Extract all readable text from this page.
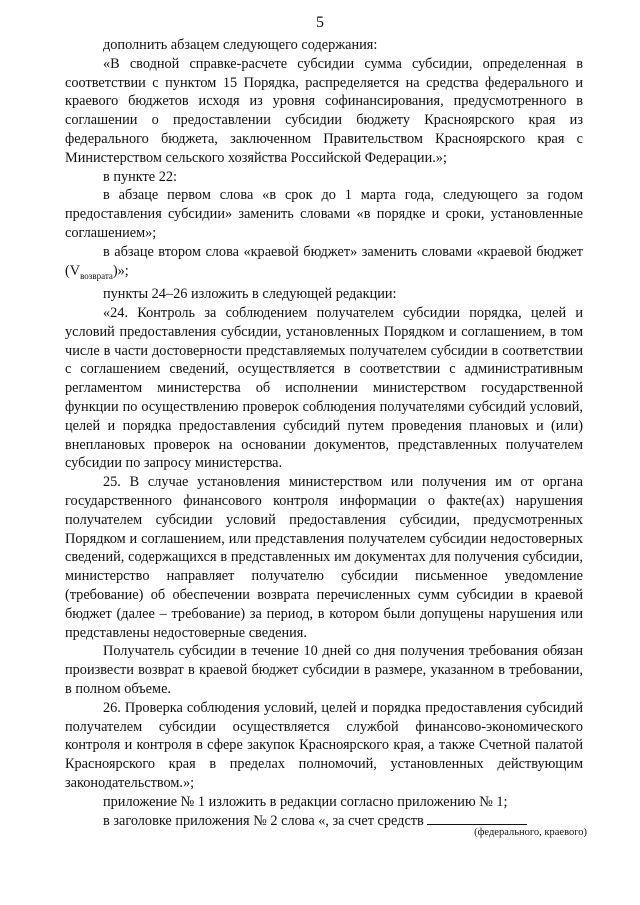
5

дополнить абзацем следующего содержания:

«В сводной справке-расчете субсидии сумма субсидии, определенная в соответствии с пунктом 15 Порядка, распределяется на средства федерального и краевого бюджетов исходя из уровня софинансирования, предусмотренного в соглашении о предоставлении субсидии бюджету Красноярского края из федерального бюджета, заключенном Правительством Красноярского края с Министерством сельского хозяйства Российской Федерации.»;

в пункте 22:

в абзаце первом слова «в срок до 1 марта года, следующего за годом предоставления субсидии» заменить словами «в порядке и сроки, установленные соглашением»;

в абзаце втором слова «краевой бюджет» заменить словами «краевой бюджет $(V_{возврата})$»;

пункты 24–26 изложить в следующей редакции:

«24. Контроль за соблюдением получателем субсидии порядка, целей и условий предоставления субсидии, установленных Порядком и соглашением, в том числе в части достоверности представляемых получателем субсидии в соответствии с соглашением сведений, осуществляется в соответствии с административным регламентом министерства об исполнении министерством государственной функции по осуществлению проверок соблюдения получателями субсидий условий, целей и порядка предоставления субсидий путем проведения плановых и (или) внеплановых проверок на основании документов, представленных получателем субсидии по запросу министерства.

25. В случае установления министерством или получения им от органа государственного финансового контроля информации о факте(ах) нарушения получателем субсидии условий предоставления субсидии, предусмотренных Порядком и соглашением, или представления получателем субсидии недостоверных сведений, содержащихся в представленных им документах для получения субсидии, министерство направляет получателю субсидии письменное уведомление (требование) об обеспечении возврата перечисленных сумм субсидии в краевой бюджет (далее – требование) за период, в котором были допущены нарушения или представлены недостоверные сведения.

Получатель субсидии в течение 10 дней со дня получения требования обязан произвести возврат в краевой бюджет субсидии в размере, указанном в требовании, в полном объеме.

26. Проверка соблюдения условий, целей и порядка предоставления субсидий получателем субсидии осуществляется службой финансово-экономического контроля и контроля в сфере закупок Красноярского края, а также Счетной палатой Красноярского края в пределах полномочий, установленных действующим законодательством.»;

приложение № 1 изложить в редакции согласно приложению № 1;

в заголовке приложения № 2 слова «, за счет средств

(федерального, краевого)
